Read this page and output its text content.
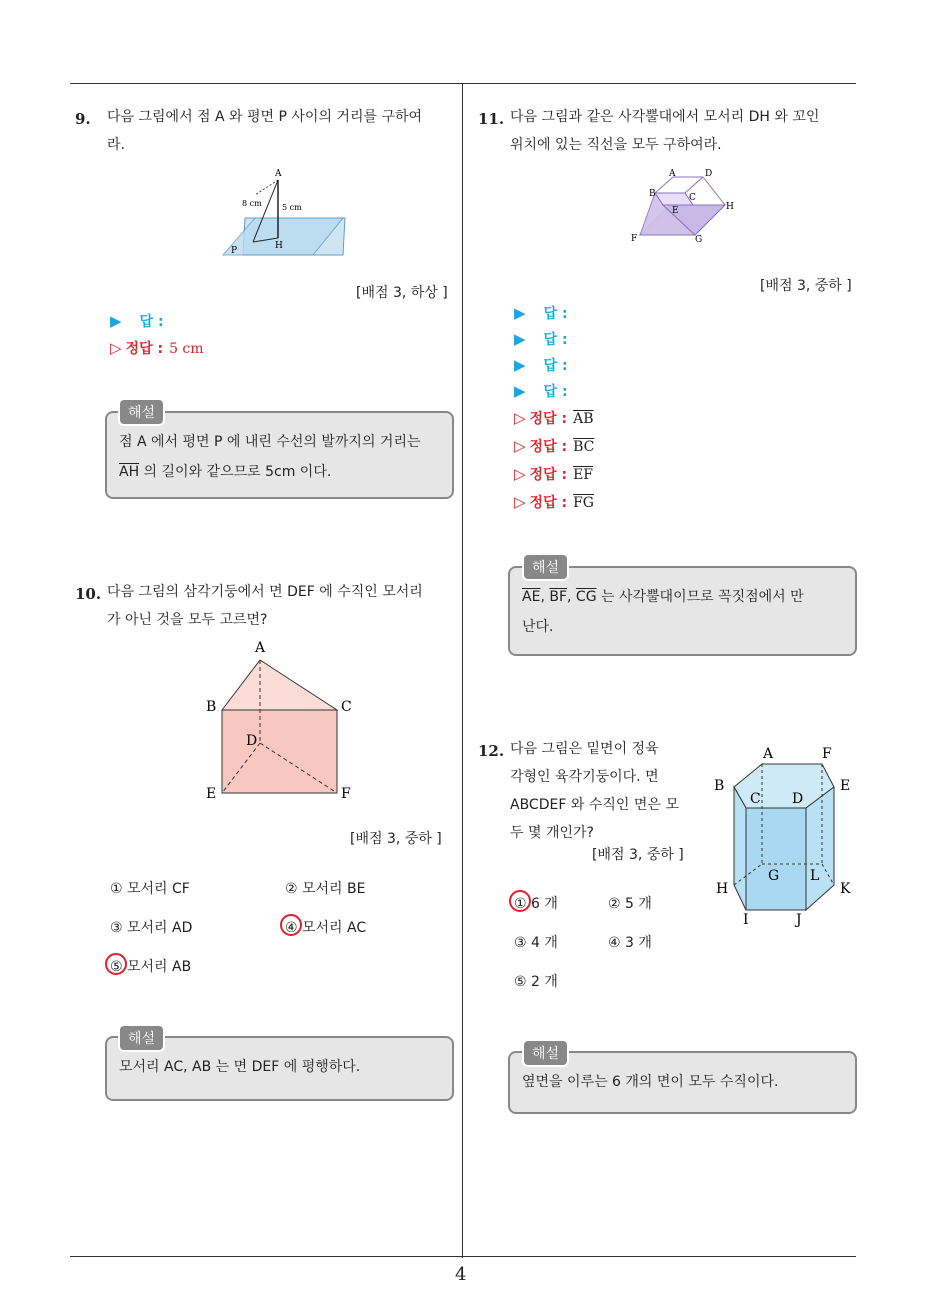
4
9. 다음 그림에서 점 A 와 평면 P 사이의 거리를 구하여
라.
A
8 cm	5 cm
H
P
[배점 3, 하상 ]
▶ 답 :
▷ 정답 : 5 cm
점 A 에서 평면 P 에 내린 수선의 발까지의 거리는
$\overline{AH}$ 의 길이와 같으므로 5cm 이다.
해설
10. 다음 그림의 삼각기둥에서 면 DEF 에 수직인 모서리
가 아닌 것을 모두 고르면?
A
B	C
D
E	F
[배점 3, 중하 ]
① 모서리 CF	② 모서리 BE
③ 모서리 AD	④ 모서리 AC
⑤ 모서리 AB
모서리 AC, AB 는 면 DEF 에 평행하다.
해설
11. 다음 그림과 같은 사각뿔대에서 모서리 DH 와 꼬인
위치에 있는 직선을 모두 구하여라.
A	D
B	C
E	H
F	G
[배점 3, 중하 ]
▶ 답 :
▶ 답 :
▶ 답 :
▶ 답 :
▷ 정답 : $\overline{AB}$
▷ 정답 : $\overline{BC}$
▷ 정답 : $\overline{EF}$
▷ 정답 : $\overline{FG}$
$\overline{AE}$, $\overline{BF}$, $\overline{CG}$ 는 사각뿔대이므로 꼭짓점에서 만
난다.
해설
12. 다음 그림은 밑면이 정육
각형인 육각기둥이다. 면
ABCDEF 와 수직인 면은 모
두 몇 개인가?
[배점 3, 중하 ]
A	F
B	E
C D
G L
H	K
I	J
① 6 개	② 5 개
③ 4 개	④ 3 개
⑤ 2 개
옆면을 이루는 6 개의 면이 모두 수직이다.
해설
